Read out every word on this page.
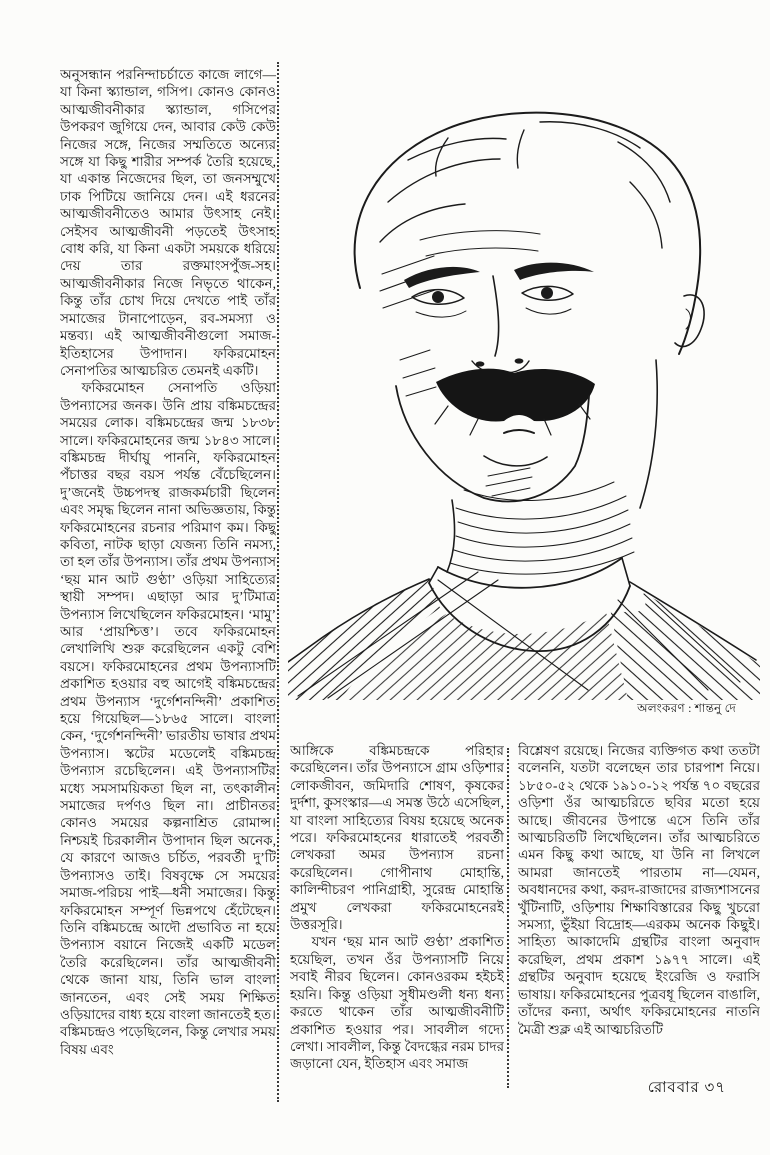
অনুসন্ধান পরনিন্দাচর্চাতে কাজে লাগে—যা কিনা স্ক্যান্ডাল, গসিপ। কোনও কোনও আত্মজীবনীকার স্ক্যান্ডাল, গসিপের উপকরণ জুগিয়ে দেন, আবার কেউ কেউ নিজের সঙ্গে, নিজের সম্মতিতে অন্যের সঙ্গে যা কিছু শারীর সম্পর্ক তৈরি হয়েছে, যা একান্ত নিজেদের ছিল, তা জনসম্মুখে ঢাক পিটিয়ে জানিয়ে দেন। এই ধরনের আত্মজীবনীতেও আমার উৎসাহ নেই। সেইসব আত্মজীবনী পড়তেই উৎসাহ বোধ করি, যা কিনা একটা সময়কে ধরিয়ে দেয় তার রক্তমাংসপুঁজ-সহ। আত্মজীবনীকার নিজে নিভৃতে থাকেন, কিন্তু তাঁর চোখ দিয়ে দেখতে পাই তাঁর সমাজের টানাপোড়েন, রব-সমস্যা ও মন্তব্য। এই আত্মজীবনীগুলো সমাজ-ইতিহাসের উপাদান। ফকিরমোহন সেনাপতির আত্মচরিত তেমনই একটি।

ফকিরমোহন সেনাপতি ওড়িয়া উপন্যাসের জনক। উনি প্রায় বঙ্কিমচন্দ্রের সময়ের লোক। বঙ্কিমচন্দ্রের জন্ম ১৮৩৮ সালে। ফকিরমোহনের জন্ম ১৮৪৩ সালে। বঙ্কিমচন্দ্র দীর্ঘায়ু পাননি, ফকিরমোহন পঁচাত্তর বছর বয়স পর্যন্ত বেঁচেছিলেন। দু’জনেই উচ্চপদস্থ রাজকর্মচারী ছিলেন এবং সমৃদ্ধ ছিলেন নানা অভিজ্ঞতায়, কিন্তু ফকিরমোহনের রচনার পরিমাণ কম। কিছু কবিতা, নাটক ছাড়া যেজন্য তিনি নমস্য, তা হল তাঁর উপন্যাস। তাঁর প্রথম উপন্যাস ‘ছয় মান আট গুণ্ঠা’ ওড়িয়া সাহিত্যের স্থায়ী সম্পদ। এছাড়া আর দু’টিমাত্র উপন্যাস লিখেছিলেন ফকিরমোহন। ‘মামু’ আর ‘প্রায়শ্চিত্ত’। তবে ফকিরমোহন লেখালিখি শুরু করেছিলেন একটু বেশি বয়সে। ফকিরমোহনের প্রথম উপন্যাসটি প্রকাশিত হওয়ার বহু আগেই বঙ্কিমচন্দ্রের প্রথম উপন্যাস ‘দুর্গেশনন্দিনী’ প্রকাশিত হয়ে গিয়েছিল—১৮৬৫ সালে। বাংলা কেন, ‘দুর্গেশনন্দিনী’ ভারতীয় ভাষার প্রথম উপন্যাস। স্কটের মডেলেই বঙ্কিমচন্দ্র উপন্যাস রচেছিলেন। এই উপন্যাসটির মধ্যে সমসাময়িকতা ছিল না, তৎকালীন সমাজের দর্পণও ছিল না। প্রাচীনতর কোনও সময়ের কল্পনাশ্রিত রোমান্স। নিশ্চয়ই চিরকালীন উপাদান ছিল অনেক, যে কারণে আজও চর্চিত, পরবর্তী দু’টি উপন্যাসও তাই। বিষবৃক্ষে সে সময়ের সমাজ-পরিচয় পাই—ধনী সমাজের। কিন্তু ফকিরমোহন সম্পূর্ণ ভিন্নপথে হেঁটেছেন। তিনি বঙ্কিমচন্দ্রে আদৌ প্রভাবিত না হয়ে উপন্যাস বয়ানে নিজেই একটি মডেল তৈরি করেছিলেন। তাঁর আত্মজীবনী থেকে জানা যায়, তিনি ভাল বাংলা জানতেন, এবং সেই সময় শিক্ষিত ওড়িয়াদের বাধ্য হয়ে বাংলা জানতেই হত। বঙ্কিমচন্দ্রও পড়েছিলেন, কিন্তু লেখার সময় বিষয় এবং

অলংকরণ : শান্তনু দে

আঙ্গিকে বঙ্কিমচন্দ্রকে পরিহার করেছিলেন। তাঁর উপন্যাসে গ্রাম ওড়িশার লোকজীবন, জমিদারি শোষণ, কৃষকের দুর্দশা, কুসংস্কার—এ সমস্ত উঠে এসেছিল, যা বাংলা সাহিত্যের বিষয় হয়েছে অনেক পরে। ফকিরমোহনের ধারাতেই পরবর্তী লেখকরা অমর উপন্যাস রচনা করেছিলেন। গোপীনাথ মোহান্তি, কালিন্দীচরণ পানিগ্রাহী, সুরেন্দ্র মোহান্তি প্রমুখ লেখকরা ফকিরমোহনেরই উত্তরসূরি।

যখন ‘ছয় মান আট গুণ্ঠা’ প্রকাশিত হয়েছিল, তখন ওঁর উপন্যাসটি নিয়ে সবাই নীরব ছিলেন। কোনওরকম হইচই হয়নি। কিন্তু ওড়িয়া সুধীমণ্ডলী ধন্য ধন্য করতে থাকেন তাঁর আত্মজীবনীটি প্রকাশিত হওয়ার পর। সাবলীল গদ্যে লেখা। সাবলীল, কিন্তু বৈদগ্ধের নরম চাদর জড়ানো যেন, ইতিহাস এবং সমাজ

বিশ্লেষণ রয়েছে। নিজের ব্যক্তিগত কথা ততটা বলেননি, যতটা বলেছেন তার চারপাশ নিয়ে। ১৮৫০-৫২ থেকে ১৯১০-১২ পর্যন্ত ৭০ বছরের ওড়িশা ওঁর আত্মচরিতে ছবির মতো হয়ে আছে। জীবনের উপান্তে এসে তিনি তাঁর আত্মচরিতটি লিখেছিলেন। তাঁর আত্মচরিতে এমন কিছু কথা আছে, যা উনি না লিখলে আমরা জানতেই পারতাম না—যেমন, অবধানদের কথা, করদ-রাজাদের রাজ্যশাসনের খুঁটিনাটি, ওড়িশায় শিক্ষাবিস্তারের কিছু খুচরো সমস্যা, ভুঁইয়া বিদ্রোহ—এরকম অনেক কিছুই। সাহিত্য আকাদেমি গ্রন্থটির বাংলা অনুবাদ করেছিল, প্রথম প্রকাশ ১৯৭৭ সালে। এই গ্রন্থটির অনুবাদ হয়েছে ইংরেজি ও ফরাসি ভাষায়। ফকিরমোহনের পুত্রবধূ ছিলেন বাঙালি, তাঁদের কন্যা, অর্থাৎ ফকিরমোহনের নাতনি মৈত্রী শুক্ল এই আত্মচরিতটি

রোববার ৩৭
